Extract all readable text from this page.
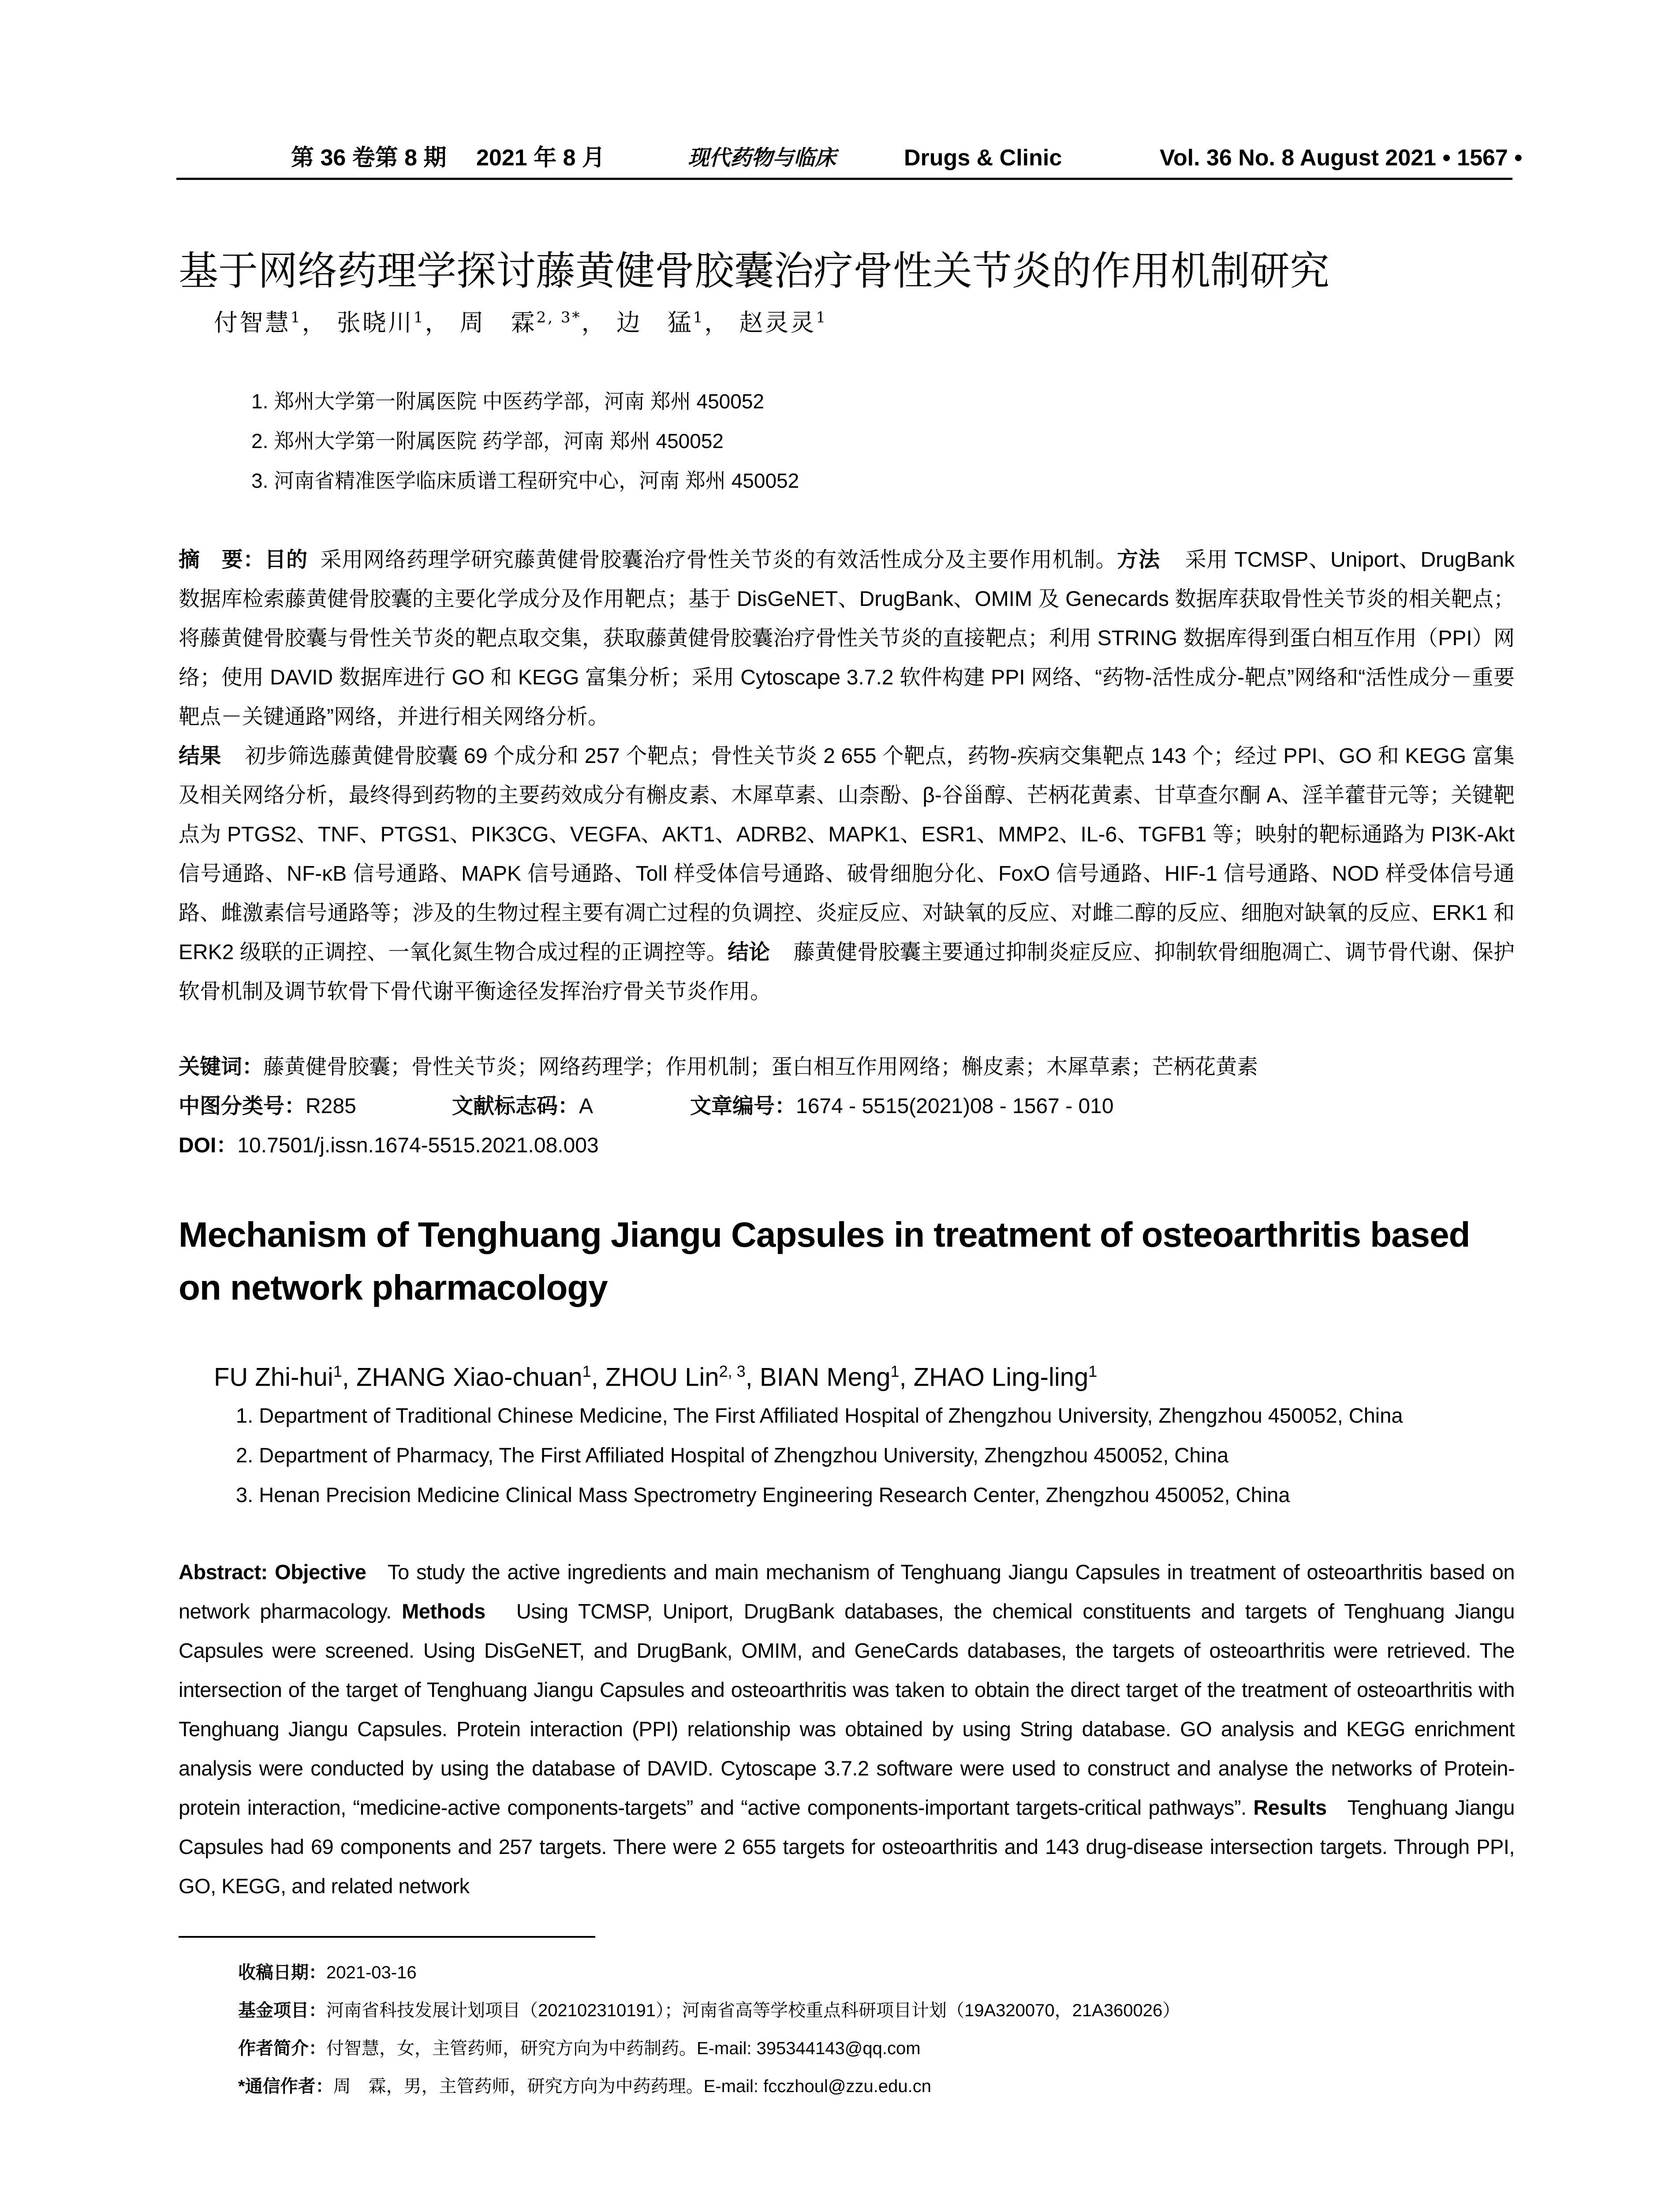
第 36 卷第 8 期 2021 年 8 月	现代药物与临床	Drugs & Clinic	Vol. 36 No. 8 August 2021 • 1567 •
基于网络药理学探讨藤黄健骨胶囊治疗骨性关节炎的作用机制研究
付智慧$^1$， 张晓川$^1$， 周　霖$^{2, 3*}$， 边　猛$^1$， 赵灵灵$^1$
1. 郑州大学第一附属医院 中医药学部，河南 郑州 450052
2. 郑州大学第一附属医院 药学部，河南 郑州 450052
3. 河南省精准医学临床质谱工程研究中心，河南 郑州 450052
摘　要：目的 采用网络药理学研究藤黄健骨胶囊治疗骨性关节炎的有效活性成分及主要作用机制。方法 采用 TCMSP、Uniport、DrugBank 数据库检索藤黄健骨胶囊的主要化学成分及作用靶点；基于 DisGeNET、DrugBank、OMIM 及 Genecards 数据库获取骨性关节炎的相关靶点；将藤黄健骨胶囊与骨性关节炎的靶点取交集，获取藤黄健骨胶囊治疗骨性关节炎的直接靶点；利用 STRING 数据库得到蛋白相互作用（PPI）网络；使用 DAVID 数据库进行 GO 和 KEGG 富集分析；采用 Cytoscape 3.7.2 软件构建 PPI 网络、“药物-活性成分-靶点”网络和“活性成分－重要靶点－关键通路”网络，并进行相关网络分析。
结果 初步筛选藤黄健骨胶囊 69 个成分和 257 个靶点；骨性关节炎 2 655 个靶点，药物-疾病交集靶点 143 个；经过 PPI、GO 和 KEGG 富集及相关网络分析，最终得到药物的主要药效成分有槲皮素、木犀草素、山柰酚、β-谷甾醇、芒柄花黄素、甘草查尔酮 A、淫羊藿苷元等；关键靶点为 PTGS2、TNF、PTGS1、PIK3CG、VEGFA、AKT1、ADRB2、MAPK1、ESR1、MMP2、IL-6、TGFB1 等；映射的靶标通路为 PI3K-Akt 信号通路、NF-κB 信号通路、MAPK 信号通路、Toll 样受体信号通路、破骨细胞分化、FoxO 信号通路、HIF-1 信号通路、NOD 样受体信号通路、雌激素信号通路等；涉及的生物过程主要有凋亡过程的负调控、炎症反应、对缺氧的反应、对雌二醇的反应、细胞对缺氧的反应、ERK1 和 ERK2 级联的正调控、一氧化氮生物合成过程的正调控等。结论 藤黄健骨胶囊主要通过抑制炎症反应、抑制软骨细胞凋亡、调节骨代谢、保护软骨机制及调节软骨下骨代谢平衡途径发挥治疗骨关节炎作用。
关键词：藤黄健骨胶囊；骨性关节炎；网络药理学；作用机制；蛋白相互作用网络；槲皮素；木犀草素；芒柄花黄素
中图分类号：R285	文献标志码：A	文章编号：1674 - 5515(2021)08 - 1567 - 010
DOI：10.7501/j.issn.1674-5515.2021.08.003
Mechanism of Tenghuang Jiangu Capsules in treatment of osteoarthritis based on network pharmacology
FU Zhi-hui$^1$, ZHANG Xiao-chuan$^1$, ZHOU Lin$^{2, 3}$, BIAN Meng$^1$, ZHAO Ling-ling$^1$
1. Department of Traditional Chinese Medicine, The First Affiliated Hospital of Zhengzhou University, Zhengzhou 450052, China
2. Department of Pharmacy, The First Affiliated Hospital of Zhengzhou University, Zhengzhou 450052, China
3. Henan Precision Medicine Clinical Mass Spectrometry Engineering Research Center, Zhengzhou 450052, China
Abstract: Objective To study the active ingredients and main mechanism of Tenghuang Jiangu Capsules in treatment of osteoarthritis based on network pharmacology. Methods Using TCMSP, Uniport, DrugBank databases, the chemical constituents and targets of Tenghuang Jiangu Capsules were screened. Using DisGeNET, and DrugBank, OMIM, and GeneCards databases, the targets of osteoarthritis were retrieved. The intersection of the target of Tenghuang Jiangu Capsules and osteoarthritis was taken to obtain the direct target of the treatment of osteoarthritis with Tenghuang Jiangu Capsules. Protein interaction (PPI) relationship was obtained by using String database. GO analysis and KEGG enrichment analysis were conducted by using the database of DAVID. Cytoscape 3.7.2 software were used to construct and analyse the networks of Protein-protein interaction, “medicine-active components-targets” and “active components-important targets-critical pathways”. Results Tenghuang Jiangu Capsules had 69 components and 257 targets. There were 2 655 targets for osteoarthritis and 143 drug-disease intersection targets. Through PPI, GO, KEGG, and related network
收稿日期：2021-03-16
基金项目：河南省科技发展计划项目（202102310191）；河南省高等学校重点科研项目计划（19A320070，21A360026）
作者简介：付智慧，女，主管药师，研究方向为中药制药。E-mail: 395344143@qq.com
*通信作者：周　霖，男，主管药师，研究方向为中药药理。E-mail: fcczhoul@zzu.edu.cn
